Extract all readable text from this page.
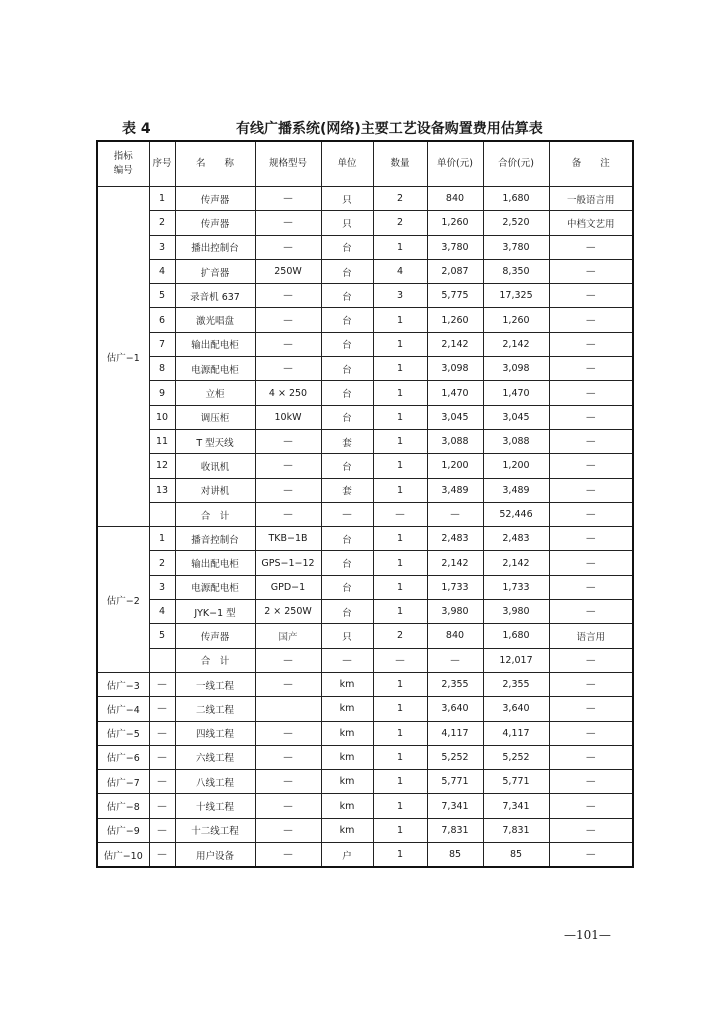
表 4	有线广播系统(网络)主要工艺设备购置费用估算表
指标
编号	序号	名　　称	规格型号	单位	数量	单价(元)	合价(元)	备　　注
估广−1	1	传声器	—	只	2	840	1,680	一般语言用
	2	传声器	—	只	2	1,260	2,520	中档文艺用
	3	播出控制台	—	台	1	3,780	3,780	—
	4	扩音器	250W	台	4	2,087	8,350	—
	5	录音机 637	—	台	3	5,775	17,325	—
	6	激光唱盘	—	台	1	1,260	1,260	—
	7	输出配电柜	—	台	1	2,142	2,142	—
	8	电源配电柜	—	台	1	3,098	3,098	—
	9	立柜	4 × 250	台	1	1,470	1,470	—
	10	调压柜	10kW	台	1	3,045	3,045	—
	11	T 型天线	—	套	1	3,088	3,088	—
	12	收讯机	—	台	1	1,200	1,200	—
	13	对讲机	—	套	1	3,489	3,489	—
		合　计	—	—	—	—	52,446	—
估广−2	1	播音控制台	TKB−1B	台	1	2,483	2,483	—
	2	输出配电柜	GPS−1−12	台	1	2,142	2,142	—
	3	电源配电柜	GPD−1	台	1	1,733	1,733	—
	4	JYK−1 型	2 × 250W	台	1	3,980	3,980	—
	5	传声器	国产	只	2	840	1,680	语言用
		合　计	—	—	—	—	12,017	—
估广−3	—	一线工程	—	km	1	2,355	2,355	—
估广−4	—	二线工程		km	1	3,640	3,640	—
估广−5	—	四线工程	—	km	1	4,117	4,117	—
估广−6	—	六线工程	—	km	1	5,252	5,252	—
估广−7	—	八线工程	—	km	1	5,771	5,771	—
估广−8	—	十线工程	—	km	1	7,341	7,341	—
估广−9	—	十二线工程	—	km	1	7,831	7,831	—
估广−10	—	用户设备	—	户	1	85	85	—
—101—
